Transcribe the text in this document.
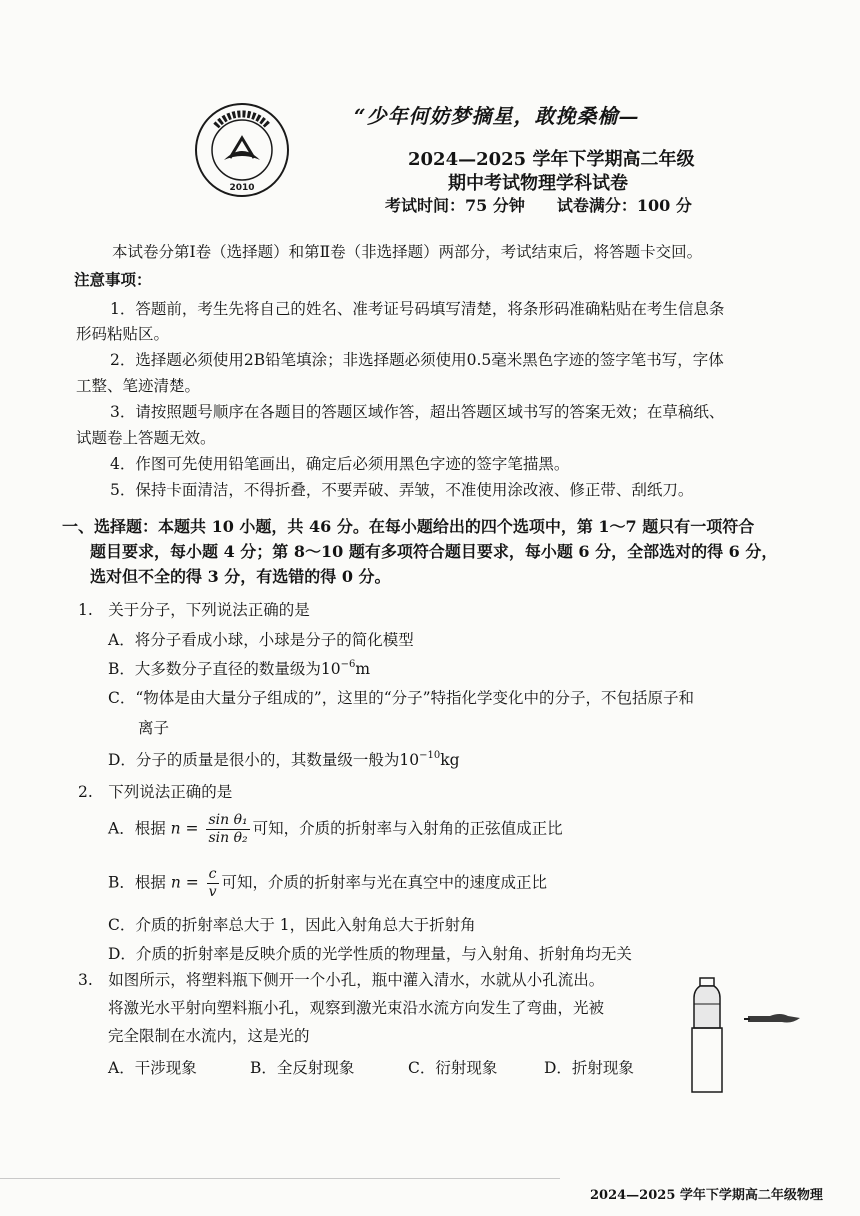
2010
“少年何妨梦摘星，敢挽桑榆—
2024—2025 学年下学期高二年级
期中考试物理学科试卷
考试时间：75 分钟 试卷满分：100 分
本试卷分第Ⅰ卷（选择题）和第Ⅱ卷（非选择题）两部分，考试结束后，将答题卡交回。
注意事项：
1．答题前，考生先将自己的姓名、准考证号码填写清楚，将条形码准确粘贴在考生信息条
形码粘贴区。
2．选择题必须使用2B铅笔填涂；非选择题必须使用0.5毫米黑色字迹的签字笔书写，字体
工整、笔迹清楚。
3．请按照题号顺序在各题目的答题区域作答，超出答题区域书写的答案无效；在草稿纸、
试题卷上答题无效。
4．作图可先使用铅笔画出，确定后必须用黑色字迹的签字笔描黑。
5．保持卡面清洁，不得折叠，不要弄破、弄皱，不准使用涂改液、修正带、刮纸刀。
一、选择题：本题共 10 小题，共 46 分。在每小题给出的四个选项中，第 1～7 题只有一项符合
题目要求，每小题 4 分；第 8～10 题有多项符合题目要求，每小题 6 分，全部选对的得 6 分，
选对但不全的得 3 分，有选错的得 0 分。
1.　关于分子，下列说法正确的是
A．将分子看成小球，小球是分子的简化模型
B．大多数分子直径的数量级为$10^{-6}m$
C．“物体是由大量分子组成的”，这里的“分子”特指化学变化中的分子，不包括原子和
离子
D．分子的质量是很小的，其数量级一般为$10^{-10}kg$
2.　下列说法正确的是
A．根据 $n = \frac{\text{sin θ₁}}{\text{sin θ₂}}$ 可知，介质的折射率与入射角的正弦值成正比
B．根据 $n = \frac{c}{v}$ 可知，介质的折射率与光在真空中的速度成正比
C．介质的折射率总大于 1，因此入射角总大于折射角
D．介质的折射率是反映介质的光学性质的物理量，与入射角、折射角均无关
3.　如图所示，将塑料瓶下侧开一个小孔，瓶中灌入清水，水就从小孔流出。
将激光水平射向塑料瓶小孔，观察到激光束沿水流方向发生了弯曲，光被
完全限制在水流内，这是光的
A．干涉现象	B．全反射现象	C．衍射现象	D．折射现象
2024—2025 学年下学期高二年级物理
